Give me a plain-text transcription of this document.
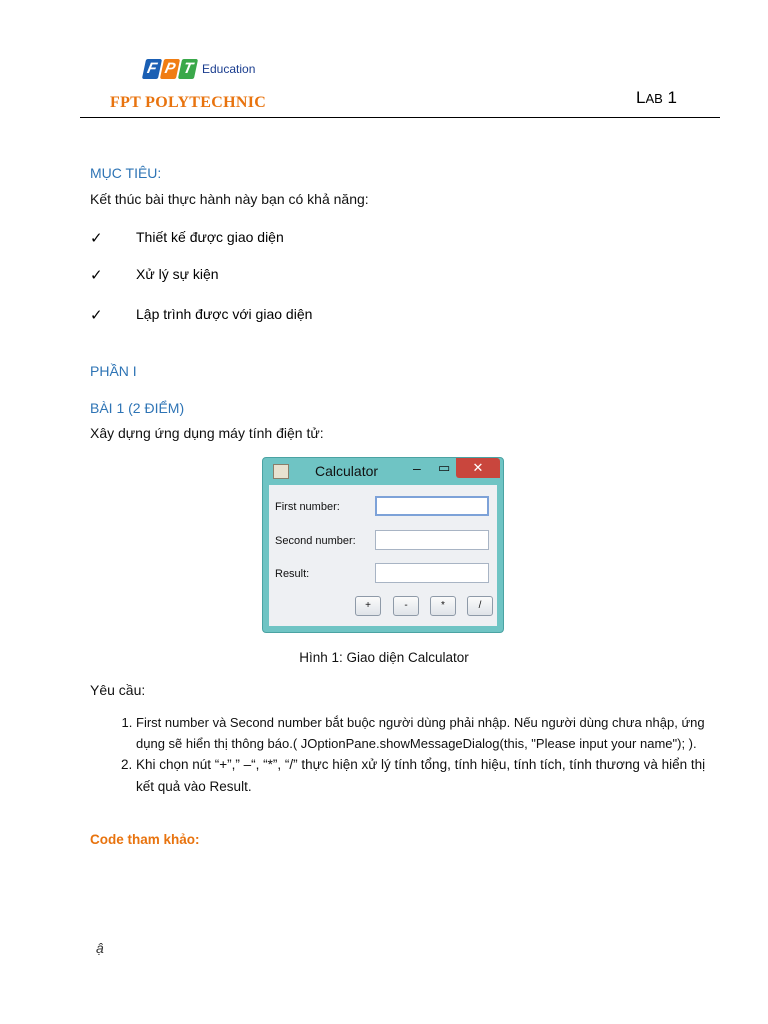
F P T Education
FPT POLYTECHNIC	LAB 1
MỤC TIÊU:
Kết thúc bài thực hành này bạn có khả năng:
✓	Thiết kế được giao diện
✓	Xử lý sự kiện
✓	Lập trình được với giao diện
PHẦN I
BÀI 1 (2 ĐIỂM)
Xây dựng ứng dụng máy tính điện tử:
Calculator – ▭	✕
First number:
Second number:
Result:
+	-	*	/
Hình 1: Giao diện Calculator
Yêu cầu:
1. First number và Second number bắt buộc người dùng phải nhập. Nếu người dùng chưa nhập, ứng dụng sẽ hiển thị thông báo.( JOptionPane.showMessageDialog(this, "Please input your name"); ).
2. Khi chọn nút “+”,” –“, “*”, “/” thực hiện xử lý tính tổng, tính hiệu, tính tích, tính thương và hiển thị kết quả vào Result.
Code tham khảo:
ậ
